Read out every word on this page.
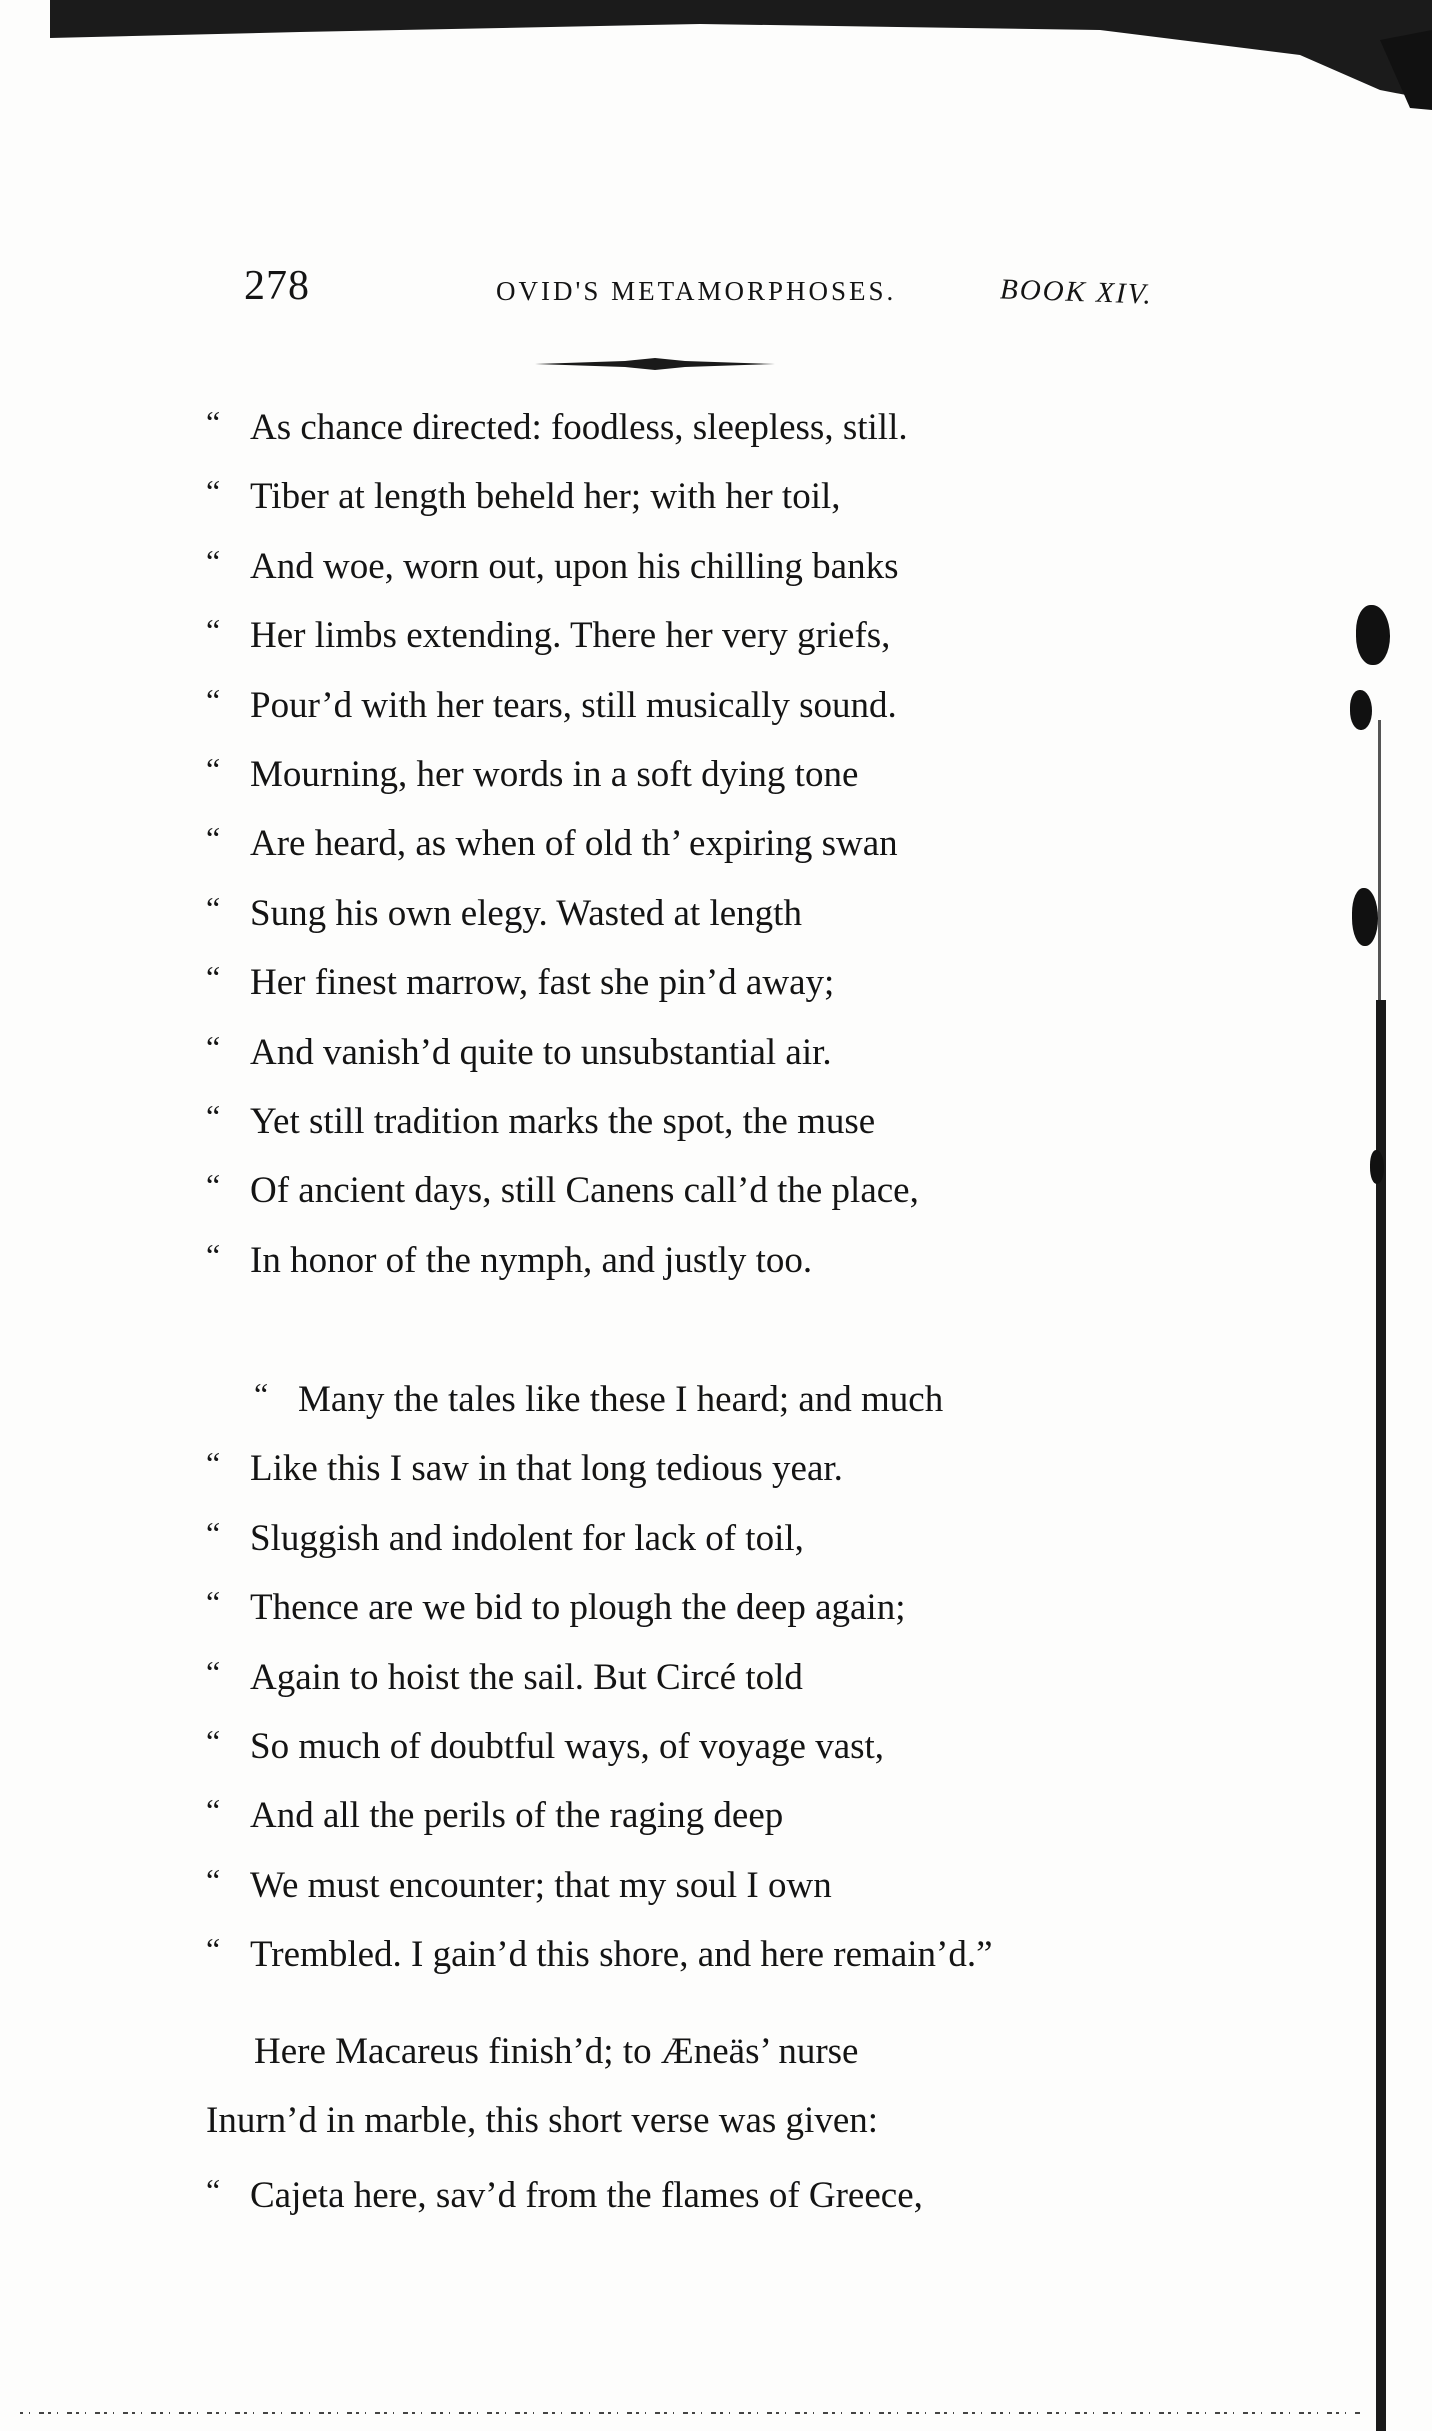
278	OVID'S METAMORPHOSES.	BOOK XIV.
“ As chance directed: foodless, sleepless, still.
“ Tiber at length beheld her; with her toil,
“ And woe, worn out, upon his chilling banks
“ Her limbs extending. There her very griefs,
“ Pour’d with her tears, still musically sound.
“ Mourning, her words in a soft dying tone
“ Are heard, as when of old th’ expiring swan
“ Sung his own elegy. Wasted at length
“ Her finest marrow, fast she pin’d away;
“ And vanish’d quite to unsubstantial air.
“ Yet still tradition marks the spot, the muse
“ Of ancient days, still Canens call’d the place,
“ In honor of the nymph, and justly too.
“ Many the tales like these I heard; and much
“ Like this I saw in that long tedious year.
“ Sluggish and indolent for lack of toil,
“ Thence are we bid to plough the deep again;
“ Again to hoist the sail. But Circé told
“ So much of doubtful ways, of voyage vast,
“ And all the perils of the raging deep
“ We must encounter; that my soul I own
“ Trembled. I gain’d this shore, and here remain’d.”
Here Macareus finish’d; to Æneäs’ nurse
Inurn’d in marble, this short verse was given:
“ Cajeta here, sav’d from the flames of Greece,
